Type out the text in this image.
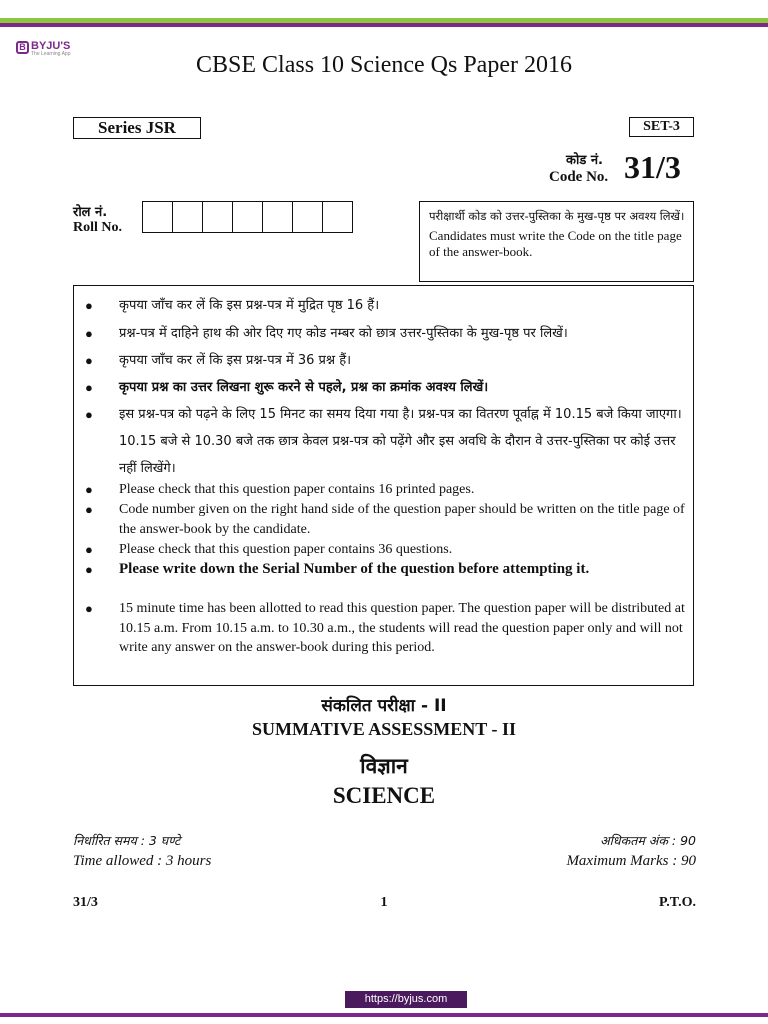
B BYJU'S
The Learning App	CBSE Class 10 Science Qs Paper 2016
Series JSR	SET-3
कोड नं.
Code No. 31/3
रोल नं.
Roll No.
परीक्षार्थी कोड को उत्तर-पुस्तिका के मुख-पृष्ठ पर अवश्य लिखें।
Candidates must write the Code on the title page of the answer-book.
● कृपया जाँच कर लें कि इस प्रश्न-पत्र में मुद्रित पृष्ठ 16 हैं।
● प्रश्न-पत्र में दाहिने हाथ की ओर दिए गए कोड नम्बर को छात्र उत्तर-पुस्तिका के मुख-पृष्ठ पर लिखें।
● कृपया जाँच कर लें कि इस प्रश्न-पत्र में 36 प्रश्न हैं।
● कृपया प्रश्न का उत्तर लिखना शुरू करने से पहले, प्रश्न का क्रमांक अवश्य लिखें।
● इस प्रश्न-पत्र को पढ़ने के लिए 15 मिनट का समय दिया गया है। प्रश्न-पत्र का वितरण पूर्वाह्न में 10.15 बजे किया जाएगा। 10.15 बजे से 10.30 बजे तक छात्र केवल प्रश्न-पत्र को पढ़ेंगे और इस अवधि के दौरान वे उत्तर-पुस्तिका पर कोई उत्तर नहीं लिखेंगे।
● Please check that this question paper contains 16 printed pages.
● Code number given on the right hand side of the question paper should be written on the title page of the answer-book by the candidate.
● Please check that this question paper contains 36 questions.
● Please write down the Serial Number of the question before attempting it.
● 15 minute time has been allotted to read this question paper. The question paper will be distributed at 10.15 a.m. From 10.15 a.m. to 10.30 a.m., the students will read the question paper only and will not write any answer on the answer-book during this period.
संकलित परीक्षा - II
SUMMATIVE ASSESSMENT - II
विज्ञान
SCIENCE
निर्धारित समय : 3 घण्टे
Time allowed : 3 hours
अधिकतम अंक : 90
Maximum Marks : 90
31/3	1	P.T.O.
https://byjus.com
